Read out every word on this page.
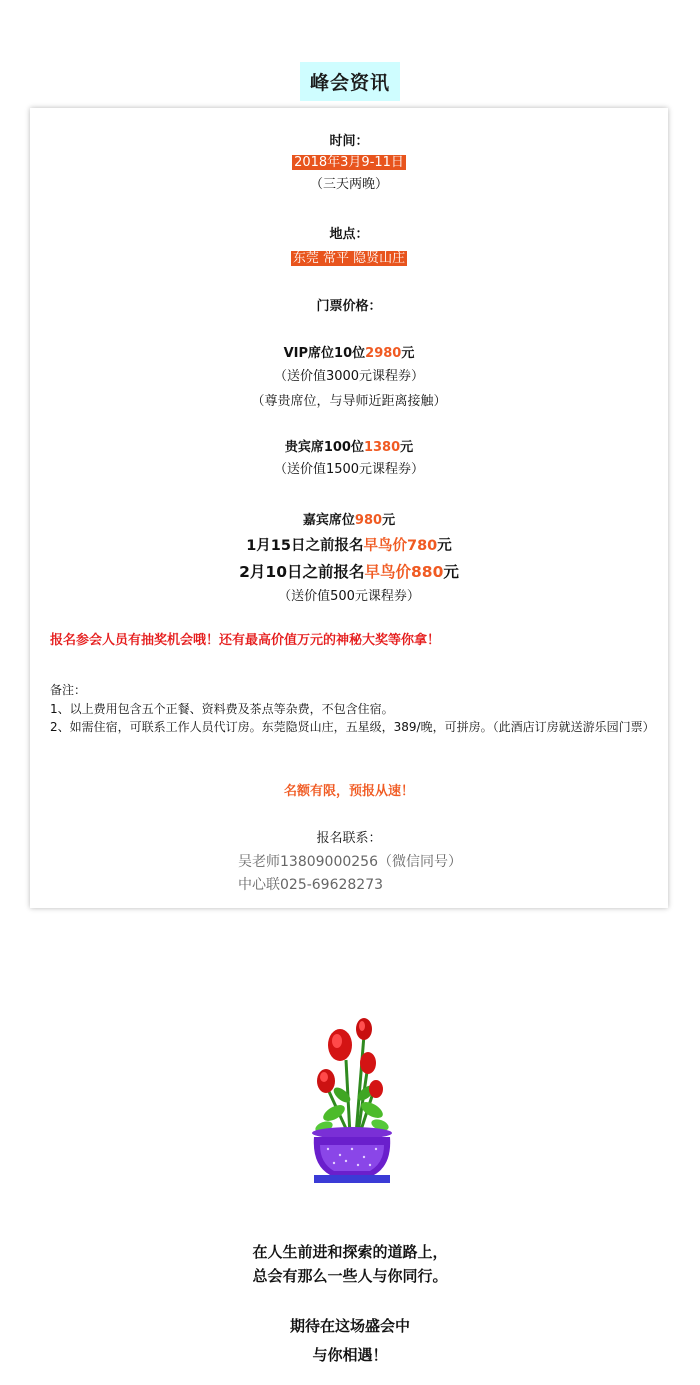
峰会资讯
时间：
2018年3月9-11日
（三天两晚）
地点：
东莞 常平 隐贤山庄
门票价格：
VIP席位10位2980元
（送价值3000元课程券）
（尊贵席位，与导师近距离接触）
贵宾席100位1380元
（送价值1500元课程券）
嘉宾席位980元
1月15日之前报名早鸟价780元
2月10日之前报名早鸟价880元
（送价值500元课程券）
报名参会人员有抽奖机会哦！还有最高价值万元的神秘大奖等你拿！
备注：
1、以上费用包含五个正餐、资料费及茶点等杂费，不包含住宿。
2、如需住宿，可联系工作人员代订房。东莞隐贤山庄，五星级，389/晚，可拼房。（此酒店订房就送游乐园门票）
名额有限，预报从速！
报名联系：
吴老师13809000256（微信同号）
中心联025-69628273
在人生前进和探索的道路上，
总会有那么一些人与你同行。
期待在这场盛会中
与你相遇！
